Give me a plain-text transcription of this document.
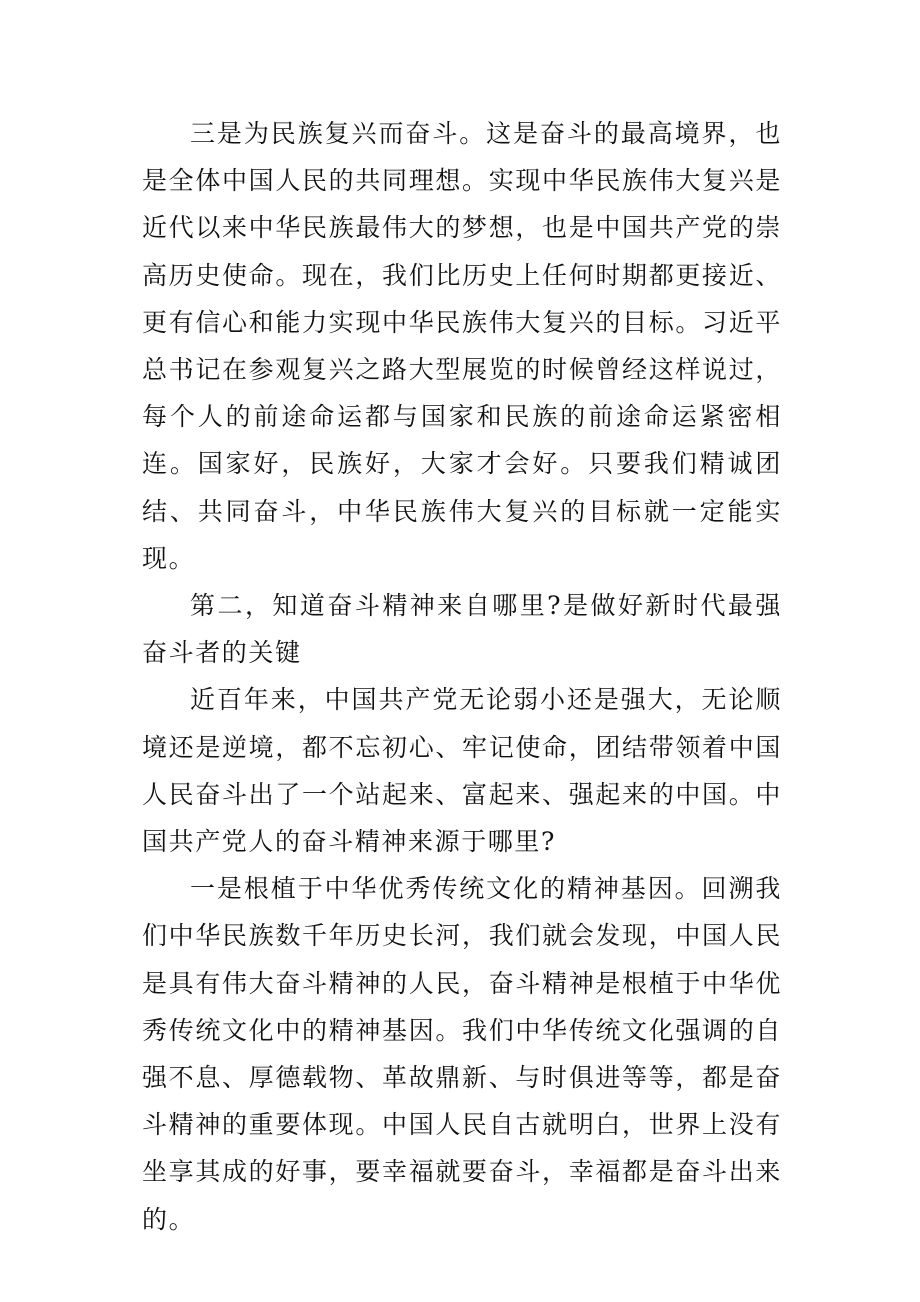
三是为民族复兴而奋斗。这是奋斗的最高境界，也是全体中国人民的共同理想。实现中华民族伟大复兴是近代以来中华民族最伟大的梦想，也是中国共产党的崇高历史使命。现在，我们比历史上任何时期都更接近、更有信心和能力实现中华民族伟大复兴的目标。习近平总书记在参观复兴之路大型展览的时候曾经这样说过，每个人的前途命运都与国家和民族的前途命运紧密相连。国家好，民族好，大家才会好。只要我们精诚团结、共同奋斗，中华民族伟大复兴的目标就一定能实现。

第二，知道奋斗精神来自哪里?是做好新时代最强奋斗者的关键

近百年来，中国共产党无论弱小还是强大，无论顺境还是逆境，都不忘初心、牢记使命，团结带领着中国人民奋斗出了一个站起来、富起来、强起来的中国。中国共产党人的奋斗精神来源于哪里?

一是根植于中华优秀传统文化的精神基因。回溯我们中华民族数千年历史长河，我们就会发现，中国人民是具有伟大奋斗精神的人民，奋斗精神是根植于中华优秀传统文化中的精神基因。我们中华传统文化强调的自强不息、厚德载物、革故鼎新、与时俱进等等，都是奋斗精神的重要体现。中国人民自古就明白，世界上没有坐享其成的好事，要幸福就要奋斗，幸福都是奋斗出来的。
